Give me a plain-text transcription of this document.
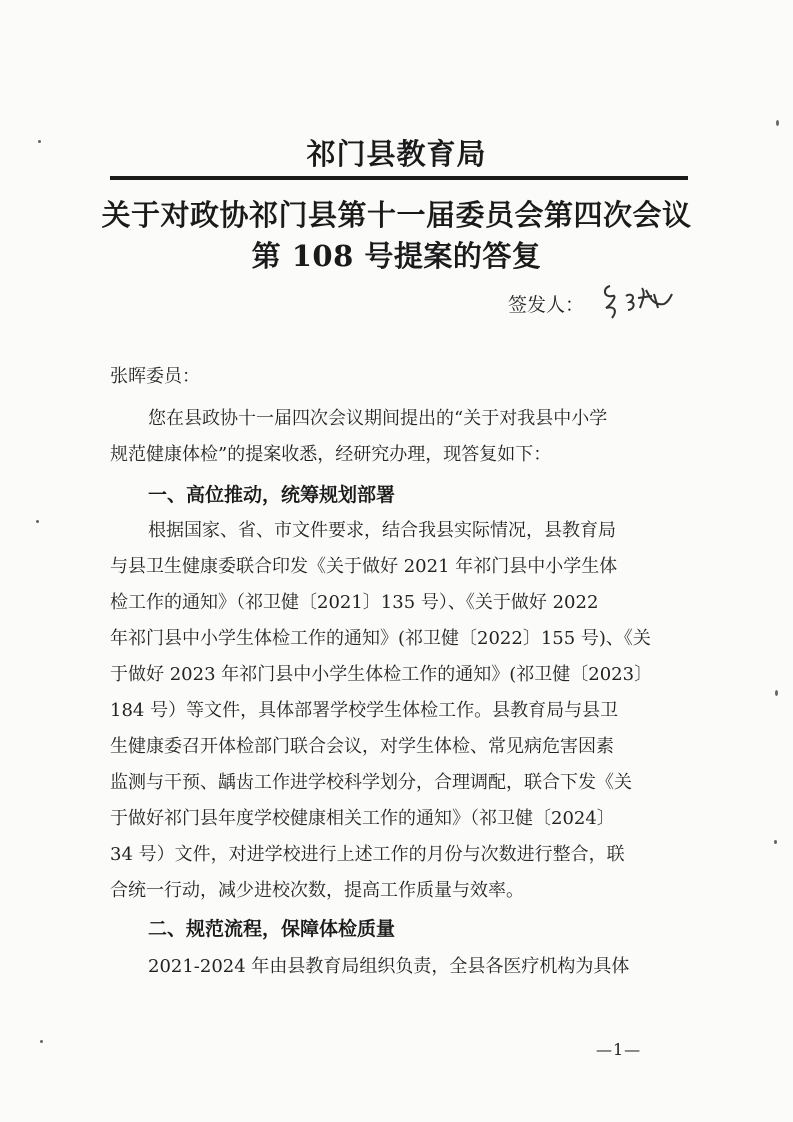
祁门县教育局
关于对政协祁门县第十一届委员会第四次会议
第 108 号提案的答复
签发人：
张晖委员：
您在县政协十一届四次会议期间提出的“关于对我县中小学
规范健康体检”的提案收悉，经研究办理，现答复如下：
一、高位推动，统筹规划部署
根据国家、省、市文件要求，结合我县实际情况，县教育局
与县卫生健康委联合印发《关于做好 2021 年祁门县中小学生体
检工作的通知》（祁卫健〔2021〕135 号）、《关于做好 2022
年祁门县中小学生体检工作的通知》(祁卫健〔2022〕155 号)、《关
于做好 2023 年祁门县中小学生体检工作的通知》(祁卫健〔2023〕
184 号）等文件，具体部署学校学生体检工作。县教育局与县卫
生健康委召开体检部门联合会议，对学生体检、常见病危害因素
监测与干预、龋齿工作进学校科学划分，合理调配，联合下发《关
于做好祁门县年度学校健康相关工作的通知》（祁卫健〔2024〕
34 号）文件，对进学校进行上述工作的月份与次数进行整合，联
合统一行动，减少进校次数，提高工作质量与效率。
二、规范流程，保障体检质量
2021-2024 年由县教育局组织负责，全县各医疗机构为具体
—1—
